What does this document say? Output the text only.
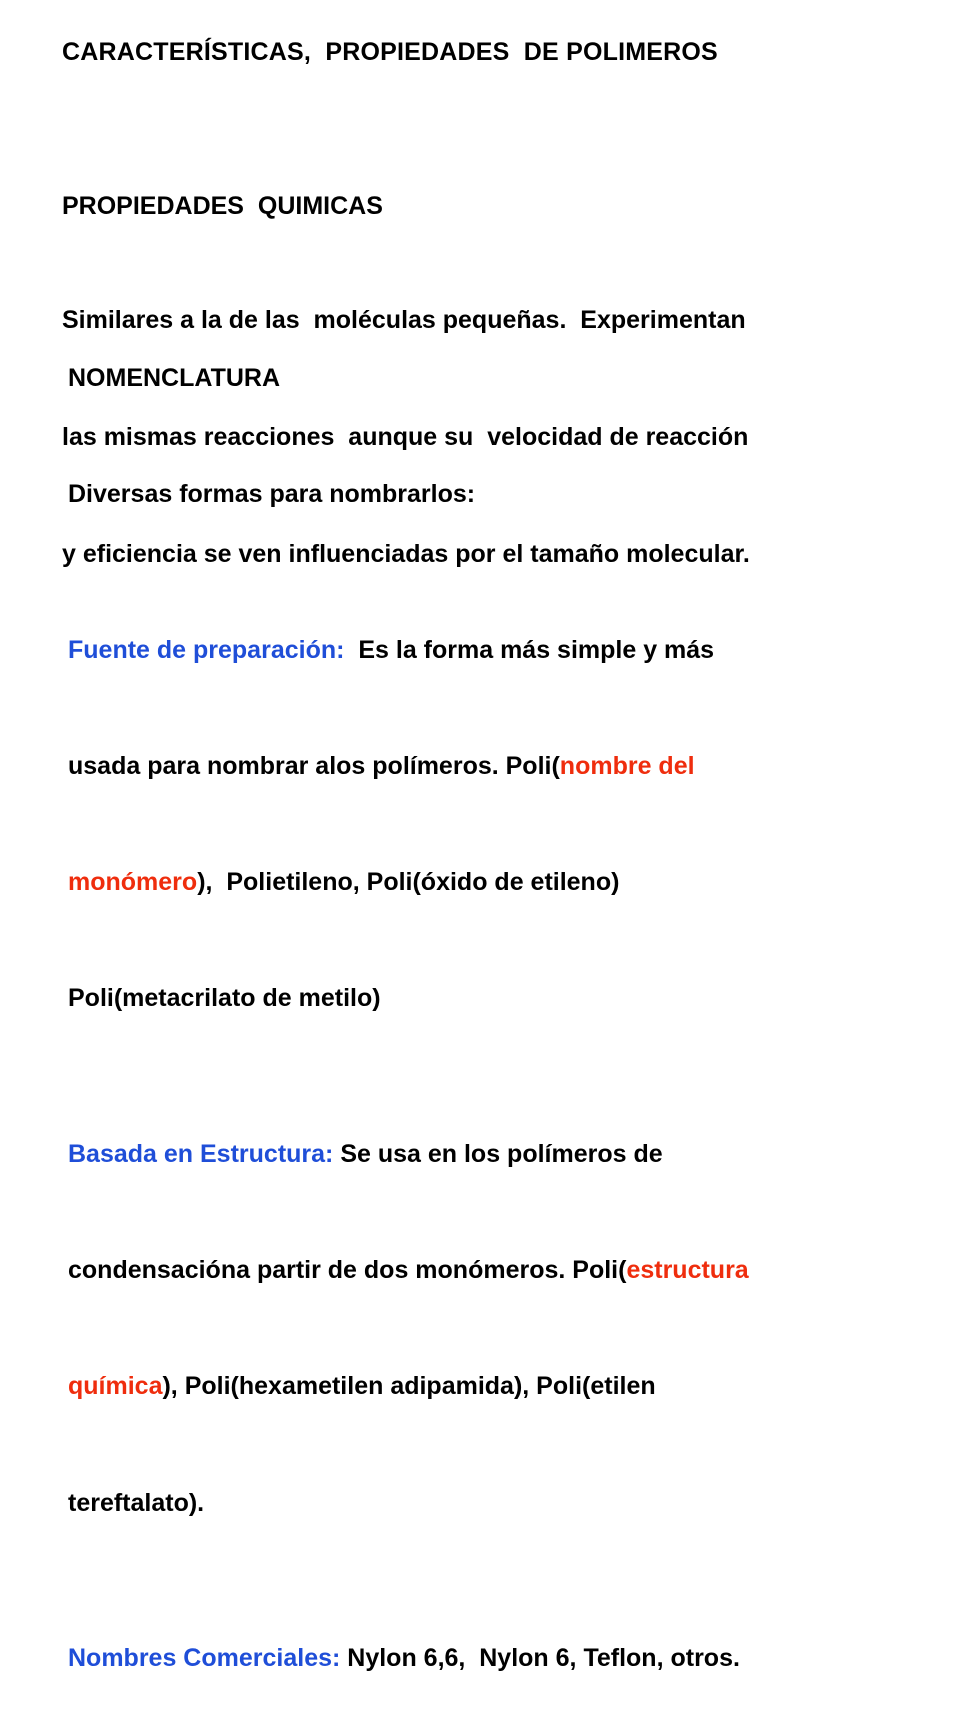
CARACTERÍSTICAS,  PROPIEDADES  DE POLIMEROS

PROPIEDADES  QUIMICAS

Similares a la de las  moléculas pequeñas.  Experimentan

las mismas reacciones  aunque su  velocidad de reacción

y eficiencia se ven influenciadas por el tamaño molecular.

NOMENCLATURA

Diversas formas para nombrarlos:

Fuente de preparación:  Es la forma más simple y más

usada para nombrar alos polímeros. Poli(nombre del

monómero),  Polietileno, Poli(óxido de etileno)

Poli(metacrilato de metilo)

Basada en Estructura: Se usa en los polímeros de

condensacióna partir de dos monómeros. Poli(estructura

química), Poli(hexametilen adipamida), Poli(etilen

tereftalato).

Nombres Comerciales: Nylon 6,6,  Nylon 6, Teflon, otros.
